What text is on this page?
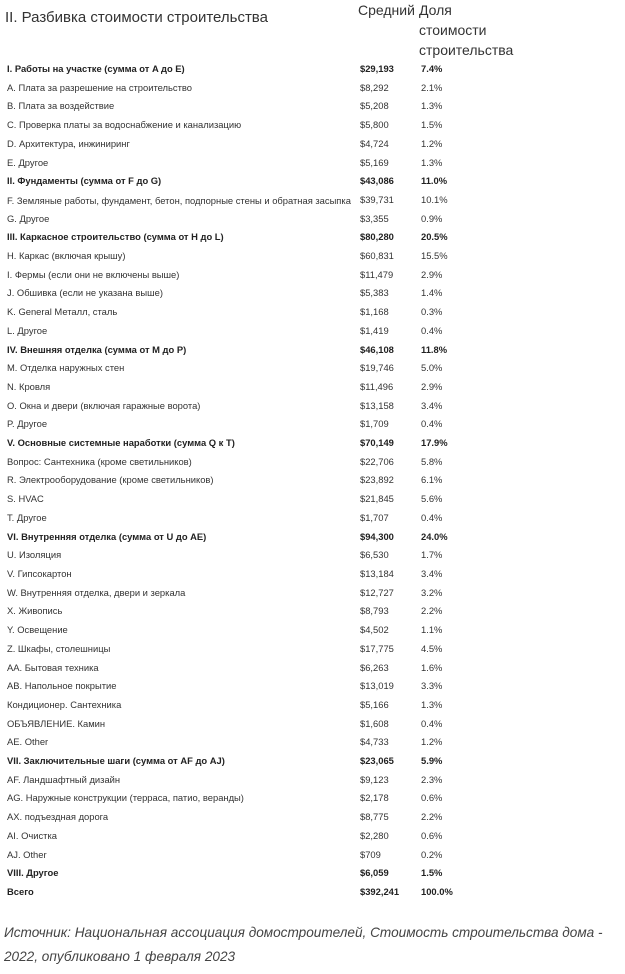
II. Разбивка стоимости строительства	Средний	Доля стоимости строительства
I. Работы на участке (сумма от A до E)	$29,193	7.4%
A. Плата за разрешение на строительство	$8,292	2.1%
B. Плата за воздействие	$5,208	1.3%
C. Проверка платы за водоснабжение и канализацию	$5,800	1.5%
D. Архитектура, инжиниринг	$4,724	1.2%
E. Другое	$5,169	1.3%
II. Фундаменты (сумма от F до G)	$43,086	11.0%
F. Земляные работы, фундамент, бетон, подпорные стены и обратная засыпка	$39,731	10.1%
G. Другое	$3,355	0.9%
III. Каркасное строительство (сумма от H до L)	$80,280	20.5%
H. Каркас (включая крышу)	$60,831	15.5%
I. Фермы (если они не включены выше)	$11,479	2.9%
J. Обшивка (если не указана выше)	$5,383	1.4%
K. General Металл, сталь	$1,168	0.3%
L. Другое	$1,419	0.4%
IV. Внешняя отделка (сумма от M до P)	$46,108	11.8%
M. Отделка наружных стен	$19,746	5.0%
N. Кровля	$11,496	2.9%
O. Окна и двери (включая гаражные ворота)	$13,158	3.4%
P. Другое	$1,709	0.4%
V. Основные системные наработки (сумма Q к T)	$70,149	17.9%
Вопрос: Сантехника (кроме светильников)	$22,706	5.8%
R. Электрооборудование (кроме светильников)	$23,892	6.1%
S. HVAC	$21,845	5.6%
T. Другое	$1,707	0.4%
VI. Внутренняя отделка (сумма от U до AE)	$94,300	24.0%
U. Изоляция	$6,530	1.7%
V. Гипсокартон	$13,184	3.4%
W. Внутренняя отделка, двери и зеркала	$12,727	3.2%
X. Живопись	$8,793	2.2%
Y. Освещение	$4,502	1.1%
Z. Шкафы, столешницы	$17,775	4.5%
AA. Бытовая техника	$6,263	1.6%
AB. Напольное покрытие	$13,019	3.3%
Кондиционер. Сантехника	$5,166	1.3%
ОБЪЯВЛЕНИЕ. Камин	$1,608	0.4%
AE. Other	$4,733	1.2%
VII. Заключительные шаги (сумма от AF до AJ)	$23,065	5.9%
AF. Ландшафтный дизайн	$9,123	2.3%
AG. Наружные конструкции (терраса, патио, веранды)	$2,178	0.6%
AX. подъездная дорога	$8,775	2.2%
AI. Очистка	$2,280	0.6%
AJ. Other	$709	0.2%
VIII. Другое	$6,059	1.5%
Всего	$392,241	100.0%
Источник: Национальная ассоциация домостроителей, Стоимость строительства дома - 2022, опубликовано 1 февраля 2023
